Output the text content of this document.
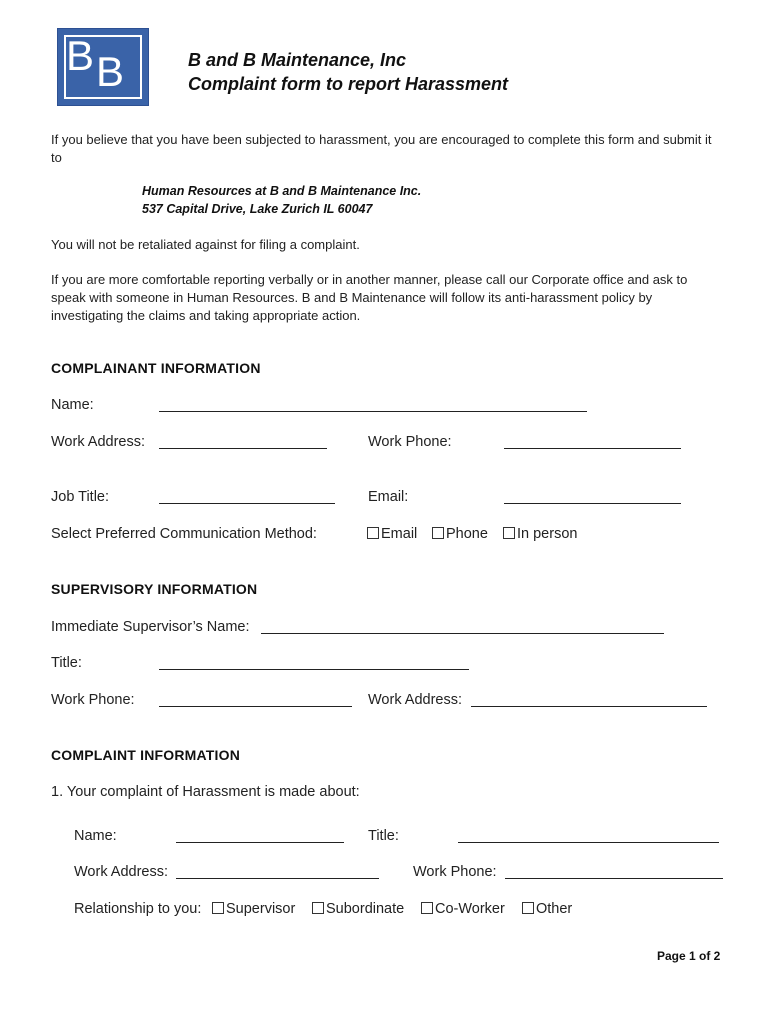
B B	B and B Maintenance, Inc
Complaint form to report Harassment
If you believe that you have been subjected to harassment, you are encouraged to complete this form and submit it to
Human Resources at B and B Maintenance Inc.
537 Capital Drive, Lake Zurich IL 60047
You will not be retaliated against for filing a complaint.
If you are more comfortable reporting verbally or in another manner, please call our Corporate office and ask to speak with someone in Human Resources. B and B Maintenance will follow its anti-harassment policy by investigating the claims and taking appropriate action.
COMPLAINANT INFORMATION
Name:
Work Address:	Work Phone:
Job Title:	Email:
Select Preferred Communication Method:	Email	Phone	In person
SUPERVISORY INFORMATION
Immediate Supervisor’s Name:
Title:
Work Phone:	Work Address:
COMPLAINT INFORMATION
1. Your complaint of Harassment is made about:
Name:	Title:
Work Address:	Work Phone:
Relationship to you:	Supervisor	Subordinate	Co-Worker	Other
Page 1 of 2
